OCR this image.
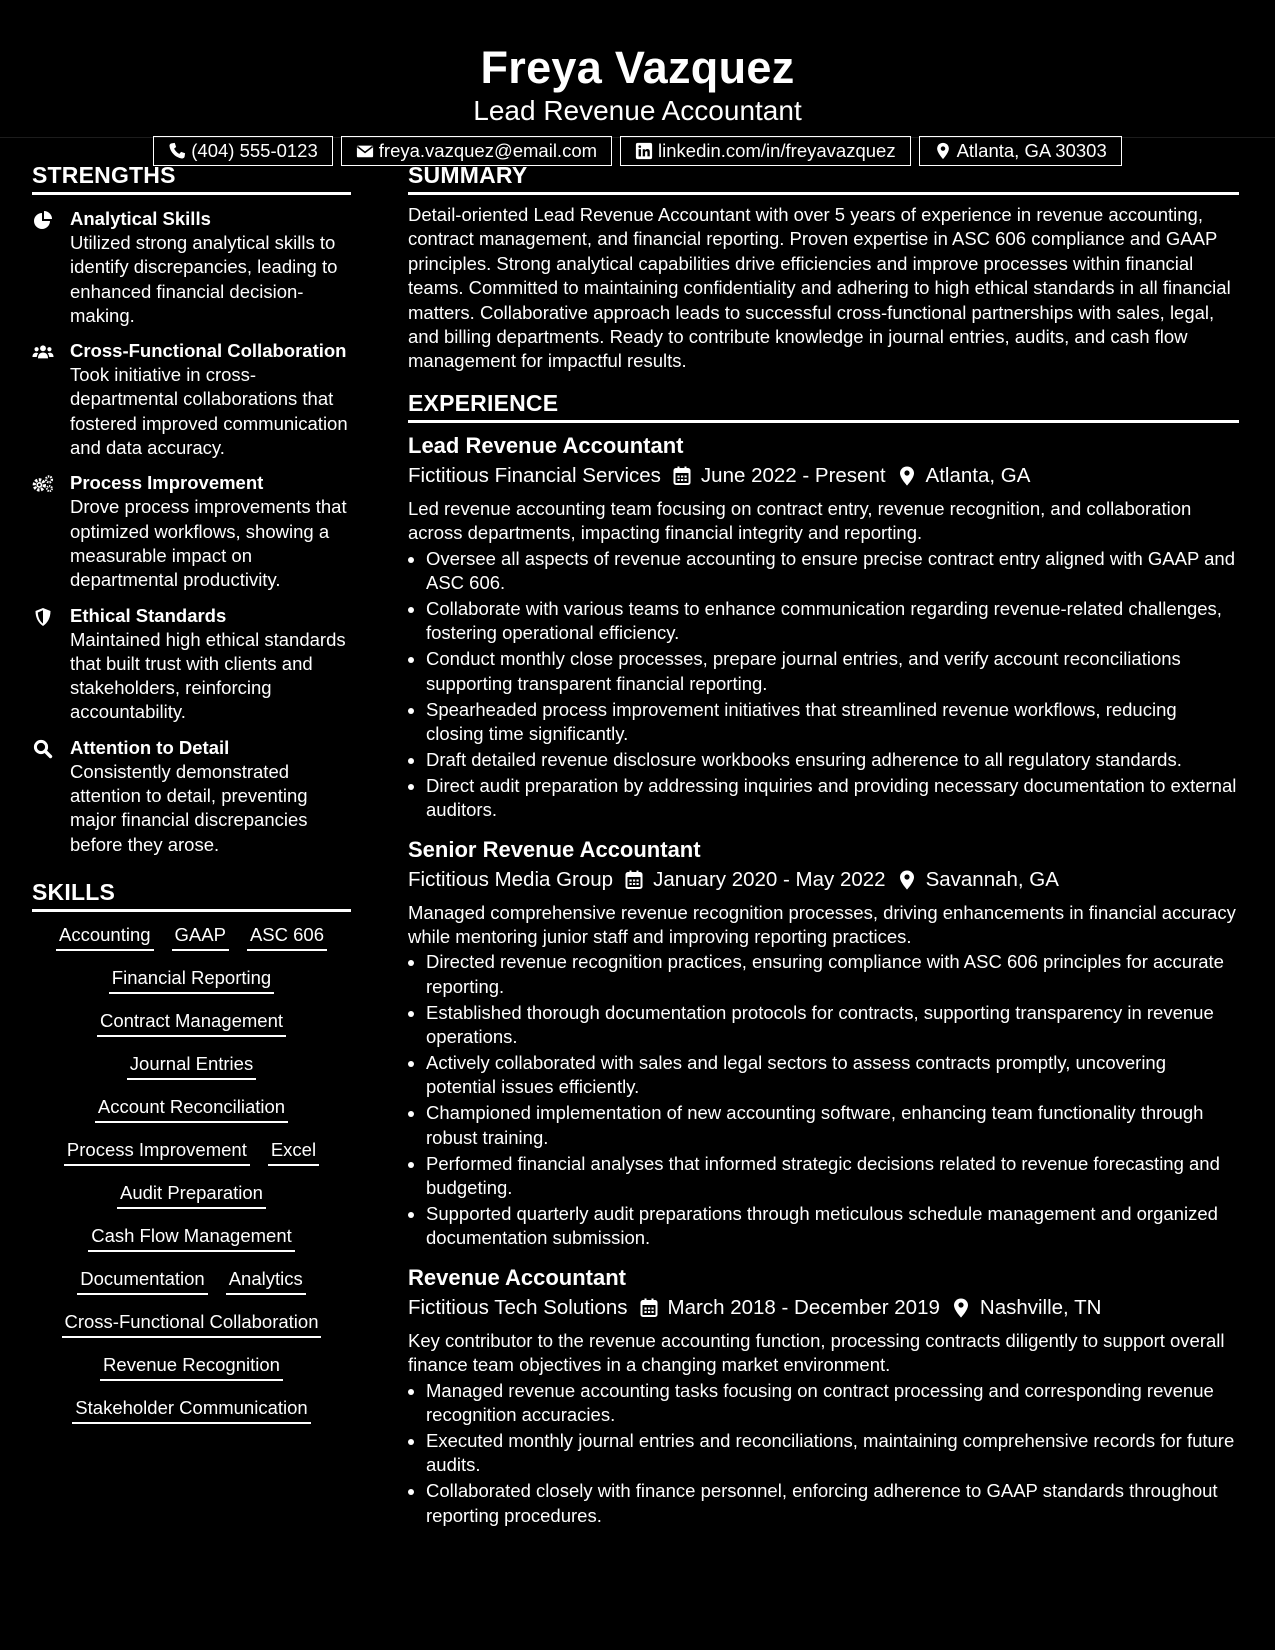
Freya Vazquez
Lead Revenue Accountant
(404) 555-0123	freya.vazquez@email.com	linkedin.com/in/freyavazquez	Atlanta, GA 30303
STRENGTHS
Analytical Skills
Utilized strong analytical skills to identify discrepancies, leading to enhanced financial decision-making.
Cross-Functional Collaboration
Took initiative in cross-departmental collaborations that fostered improved communication and data accuracy.
Process Improvement
Drove process improvements that optimized workflows, showing a measurable impact on departmental productivity.
Ethical Standards
Maintained high ethical standards that built trust with clients and stakeholders, reinforcing accountability.
Attention to Detail
Consistently demonstrated attention to detail, preventing major financial discrepancies before they arose.
SKILLS
Accounting GAAP ASC 606
Financial Reporting
Contract Management
Journal Entries
Account Reconciliation
Process Improvement Excel
Audit Preparation
Cash Flow Management
Documentation Analytics
Cross-Functional Collaboration
Revenue Recognition
Stakeholder Communication
SUMMARY
Detail-oriented Lead Revenue Accountant with over 5 years of experience in revenue accounting, contract management, and financial reporting. Proven expertise in ASC 606 compliance and GAAP principles. Strong analytical capabilities drive efficiencies and improve processes within financial teams. Committed to maintaining confidentiality and adhering to high ethical standards in all financial matters. Collaborative approach leads to successful cross-functional partnerships with sales, legal, and billing departments. Ready to contribute knowledge in journal entries, audits, and cash flow management for impactful results.
EXPERIENCE
Lead Revenue Accountant
Fictitious Financial Services June 2022 - Present Atlanta, GA
Led revenue accounting team focusing on contract entry, revenue recognition, and collaboration across departments, impacting financial integrity and reporting.
• Oversee all aspects of revenue accounting to ensure precise contract entry aligned with GAAP and ASC 606.
• Collaborate with various teams to enhance communication regarding revenue-related challenges, fostering operational efficiency.
• Conduct monthly close processes, prepare journal entries, and verify account reconciliations supporting transparent financial reporting.
• Spearheaded process improvement initiatives that streamlined revenue workflows, reducing closing time significantly.
• Draft detailed revenue disclosure workbooks ensuring adherence to all regulatory standards.
• Direct audit preparation by addressing inquiries and providing necessary documentation to external auditors.
Senior Revenue Accountant
Fictitious Media Group January 2020 - May 2022 Savannah, GA
Managed comprehensive revenue recognition processes, driving enhancements in financial accuracy while mentoring junior staff and improving reporting practices.
• Directed revenue recognition practices, ensuring compliance with ASC 606 principles for accurate reporting.
• Established thorough documentation protocols for contracts, supporting transparency in revenue operations.
• Actively collaborated with sales and legal sectors to assess contracts promptly, uncovering potential issues efficiently.
• Championed implementation of new accounting software, enhancing team functionality through robust training.
• Performed financial analyses that informed strategic decisions related to revenue forecasting and budgeting.
• Supported quarterly audit preparations through meticulous schedule management and organized documentation submission.
Revenue Accountant
Fictitious Tech Solutions March 2018 - December 2019 Nashville, TN
Key contributor to the revenue accounting function, processing contracts diligently to support overall finance team objectives in a changing market environment.
• Managed revenue accounting tasks focusing on contract processing and corresponding revenue recognition accuracies.
• Executed monthly journal entries and reconciliations, maintaining comprehensive records for future audits.
• Collaborated closely with finance personnel, enforcing adherence to GAAP standards throughout reporting procedures.
